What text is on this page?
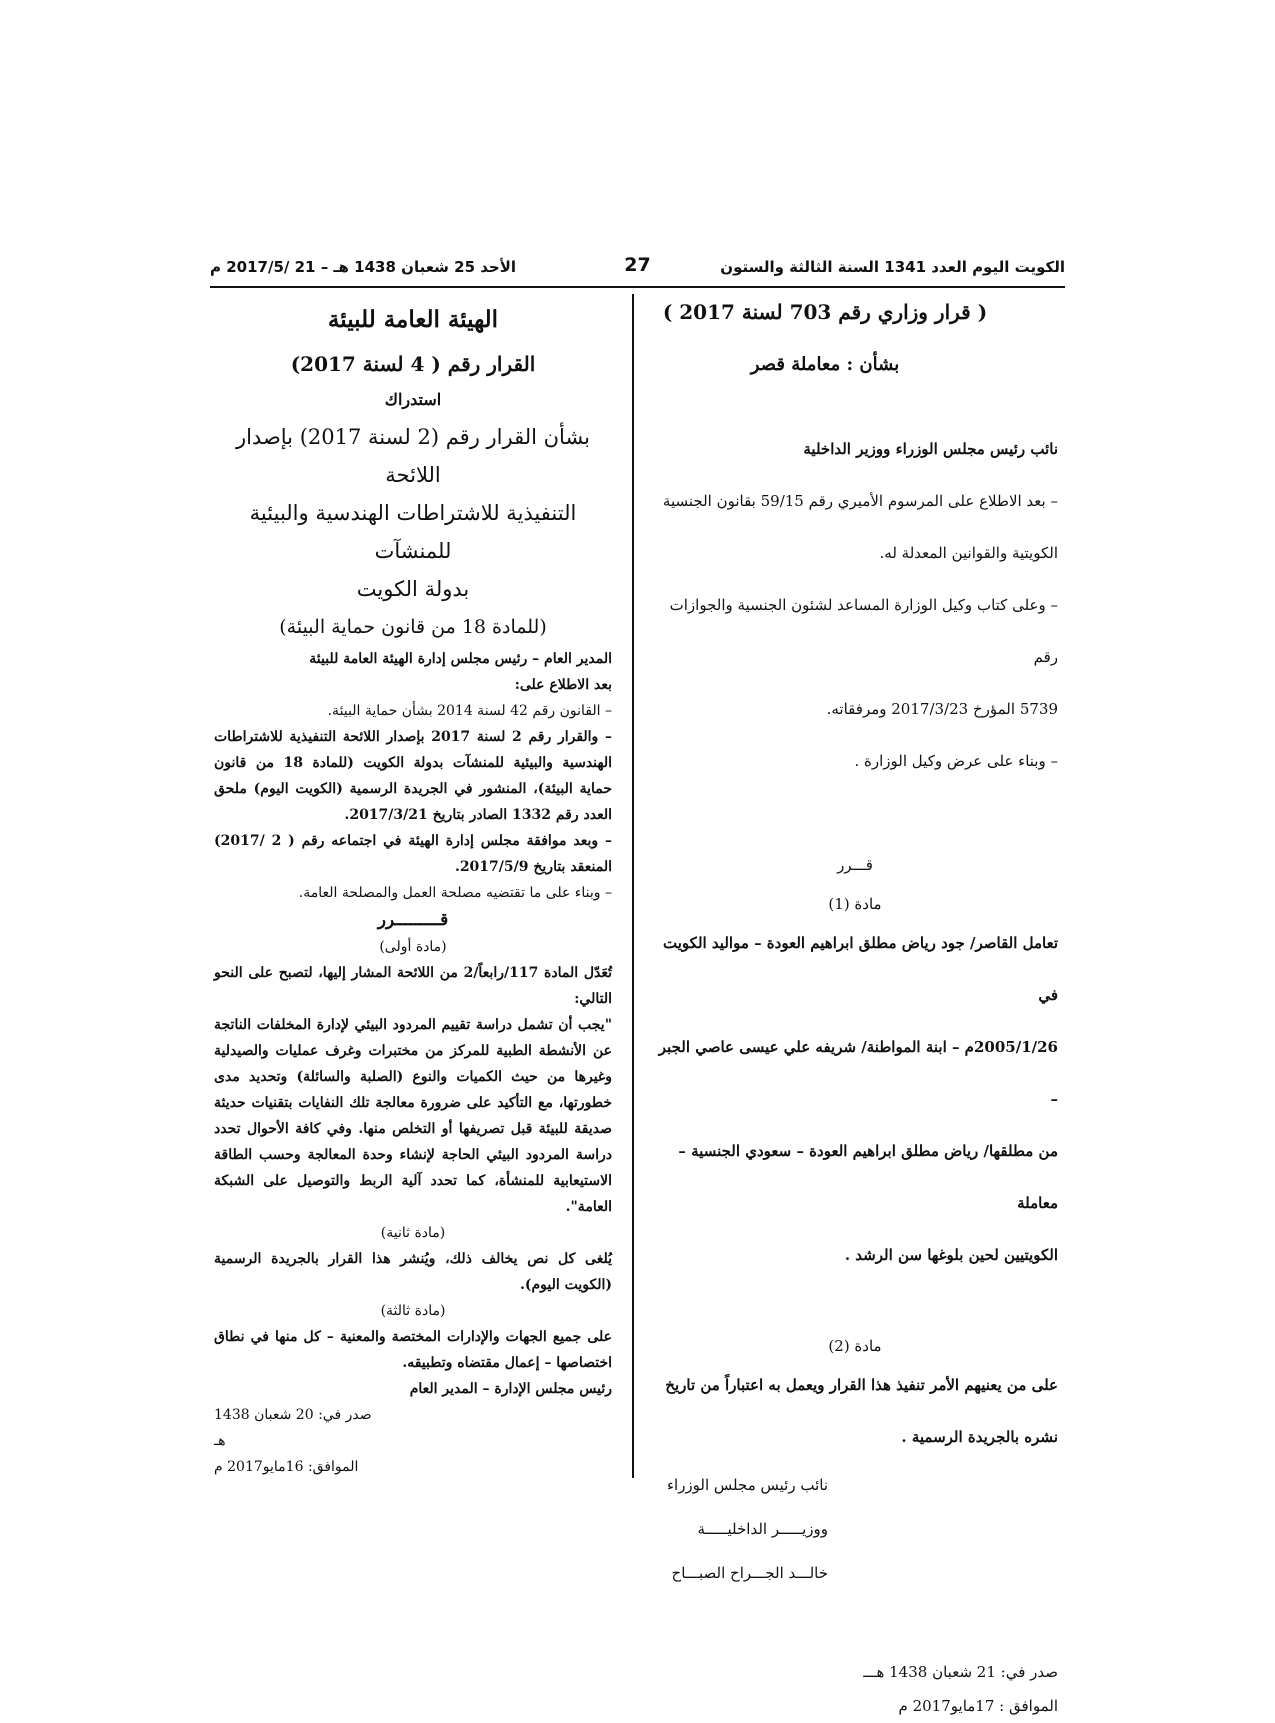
الكويت اليوم العدد 1341 السنة الثالثة والستون
27
الأحد 25 شعبان 1438 هـ – 21 /2017/5 م

( قرار وزاري رقم 703 لسنة 2017 )

بشأن : معاملة قصر

نائب رئيس مجلس الوزراء ووزير الداخلية

– بعد الاطلاع على المرسوم الأميري رقم 59/15 بقانون الجنسية

الكويتية والقوانين المعدلة له.

– وعلى كتاب وكيل الوزارة المساعد لشئون الجنسية والجوازات رقم

5739 المؤرخ 2017/3/23 ومرفقاته.

– وبناء على عرض وكيل الوزارة .

قـــرر

مادة (1)

تعامل القاصر/ جود رياض مطلق ابراهيم العودة – مواليد الكويت في

2005/1/26م – ابنة المواطنة/ شريفه علي عيسى عاصي الجبر –

من مطلقها/ رياض مطلق ابراهيم العودة – سعودي الجنسية – معاملة

الكويتيين لحين بلوغها سن الرشد .

مادة (2)

على من يعنيهم الأمر تنفيذ هذا القرار ويعمل به اعتباراً من تاريخ

نشره بالجريدة الرسمية .

نائب رئيس مجلس الوزراء

ووزيـــــر الداخليـــــة

خالـــد الجـــراح الصبـــاح

صدر في: 21 شعبان 1438 هـــ

الموافق : 17مايو2017 م

الهيئة العامة للبيئة

القرار رقم ( 4 لسنة 2017)

استدراك

بشأن القرار رقم (2 لسنة 2017) بإصدار اللائحة

التنفيذية للاشتراطات الهندسية والبيئية للمنشآت

بدولة الكويت

(للمادة 18 من قانون حماية البيئة)

المدير العام – رئيس مجلس إدارة الهيئة العامة للبيئة

بعد الاطلاع على:

– القانون رقم 42 لسنة 2014 بشأن حماية البيئة.

– والقرار رقم 2 لسنة 2017 بإصدار اللائحة التنفيذية للاشتراطات الهندسية والبيئية للمنشآت بدولة الكويت (للمادة 18 من قانون حماية البيئة)، المنشور في الجريدة الرسمية (الكويت اليوم) ملحق العدد رقم 1332 الصادر بتاريخ 2017/3/21.

– وبعد موافقة مجلس إدارة الهيئة في اجتماعه رقم ( 2 /2017) المنعقد بتاريخ 2017/5/9.

– وبناء على ما تقتضيه مصلحة العمل والمصلحة العامة.

قـــــــــرر

(مادة أولى)

تُعَدّل المادة 117/رابعاً/2 من اللائحة المشار إليها، لتصبح على النحو التالي:

"يجب أن تشمل دراسة تقييم المردود البيئي لإدارة المخلفات الناتجة عن الأنشطة الطبية للمركز من مختبرات وغرف عمليات والصيدلية وغيرها من حيث الكميات والنوع (الصلبة والسائلة) وتحديد مدى خطورتها، مع التأكيد على ضرورة معالجة تلك النفايات بتقنيات حديثة صديقة للبيئة قبل تصريفها أو التخلص منها. وفي كافة الأحوال تحدد دراسة المردود البيئي الحاجة لإنشاء وحدة المعالجة وحسب الطاقة الاستيعابية للمنشأة، كما تحدد آلية الربط والتوصيل على الشبكة العامة".

(مادة ثانية)

يُلغى كل نص يخالف ذلك، ويُنشر هذا القرار بالجريدة الرسمية (الكويت اليوم).

(مادة ثالثة)

على جميع الجهات والإدارات المختصة والمعنية – كل منها في نطاق اختصاصها – إعمال مقتضاه وتطبيقه.

رئيس مجلس الإدارة – المدير العام

صدر في: 20 شعبان 1438 هـ

الموافق: 16مايو2017 م
